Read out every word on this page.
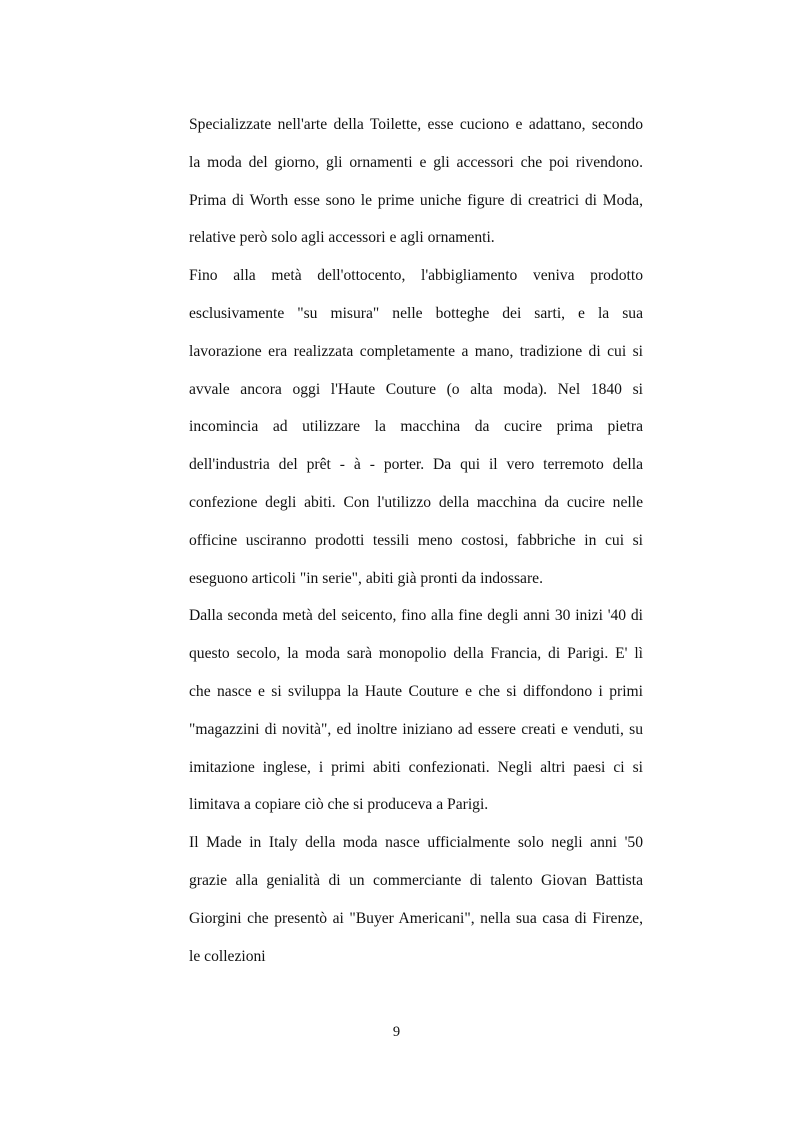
Specializzate nell'arte della Toilette, esse cuciono e adattano, secondo
la moda del giorno, gli ornamenti e gli accessori che poi rivendono.
Prima di Worth esse sono le prime uniche figure di creatrici di Moda,
relative però solo agli accessori e agli ornamenti.
Fino alla metà dell'ottocento, l'abbigliamento veniva prodotto
esclusivamente "su misura" nelle botteghe dei sarti, e la sua
lavorazione era realizzata completamente a mano, tradizione di cui si
avvale ancora oggi l'Haute Couture (o alta moda). Nel 1840 si
incomincia ad utilizzare la macchina da cucire prima pietra
dell'industria del prêt - à - porter. Da qui il vero terremoto della
confezione degli abiti. Con l'utilizzo della macchina da cucire nelle
officine usciranno prodotti tessili meno costosi, fabbriche in cui si
eseguono articoli "in serie", abiti già pronti da indossare.
Dalla seconda metà del seicento, fino alla fine degli anni 30 inizi '40 di
questo secolo, la moda sarà monopolio della Francia, di Parigi. E' lì
che nasce e si sviluppa la Haute Couture e che si diffondono i primi
"magazzini di novità", ed inoltre iniziano ad essere creati e venduti, su
imitazione inglese, i primi abiti confezionati. Negli altri paesi ci si
limitava a copiare ciò che si produceva a Parigi.
Il Made in Italy della moda nasce ufficialmente solo negli anni '50
grazie alla genialità di un commerciante di talento Giovan Battista
Giorgini che presentò ai "Buyer Americani", nella sua casa di Firenze,
le collezioni
9
